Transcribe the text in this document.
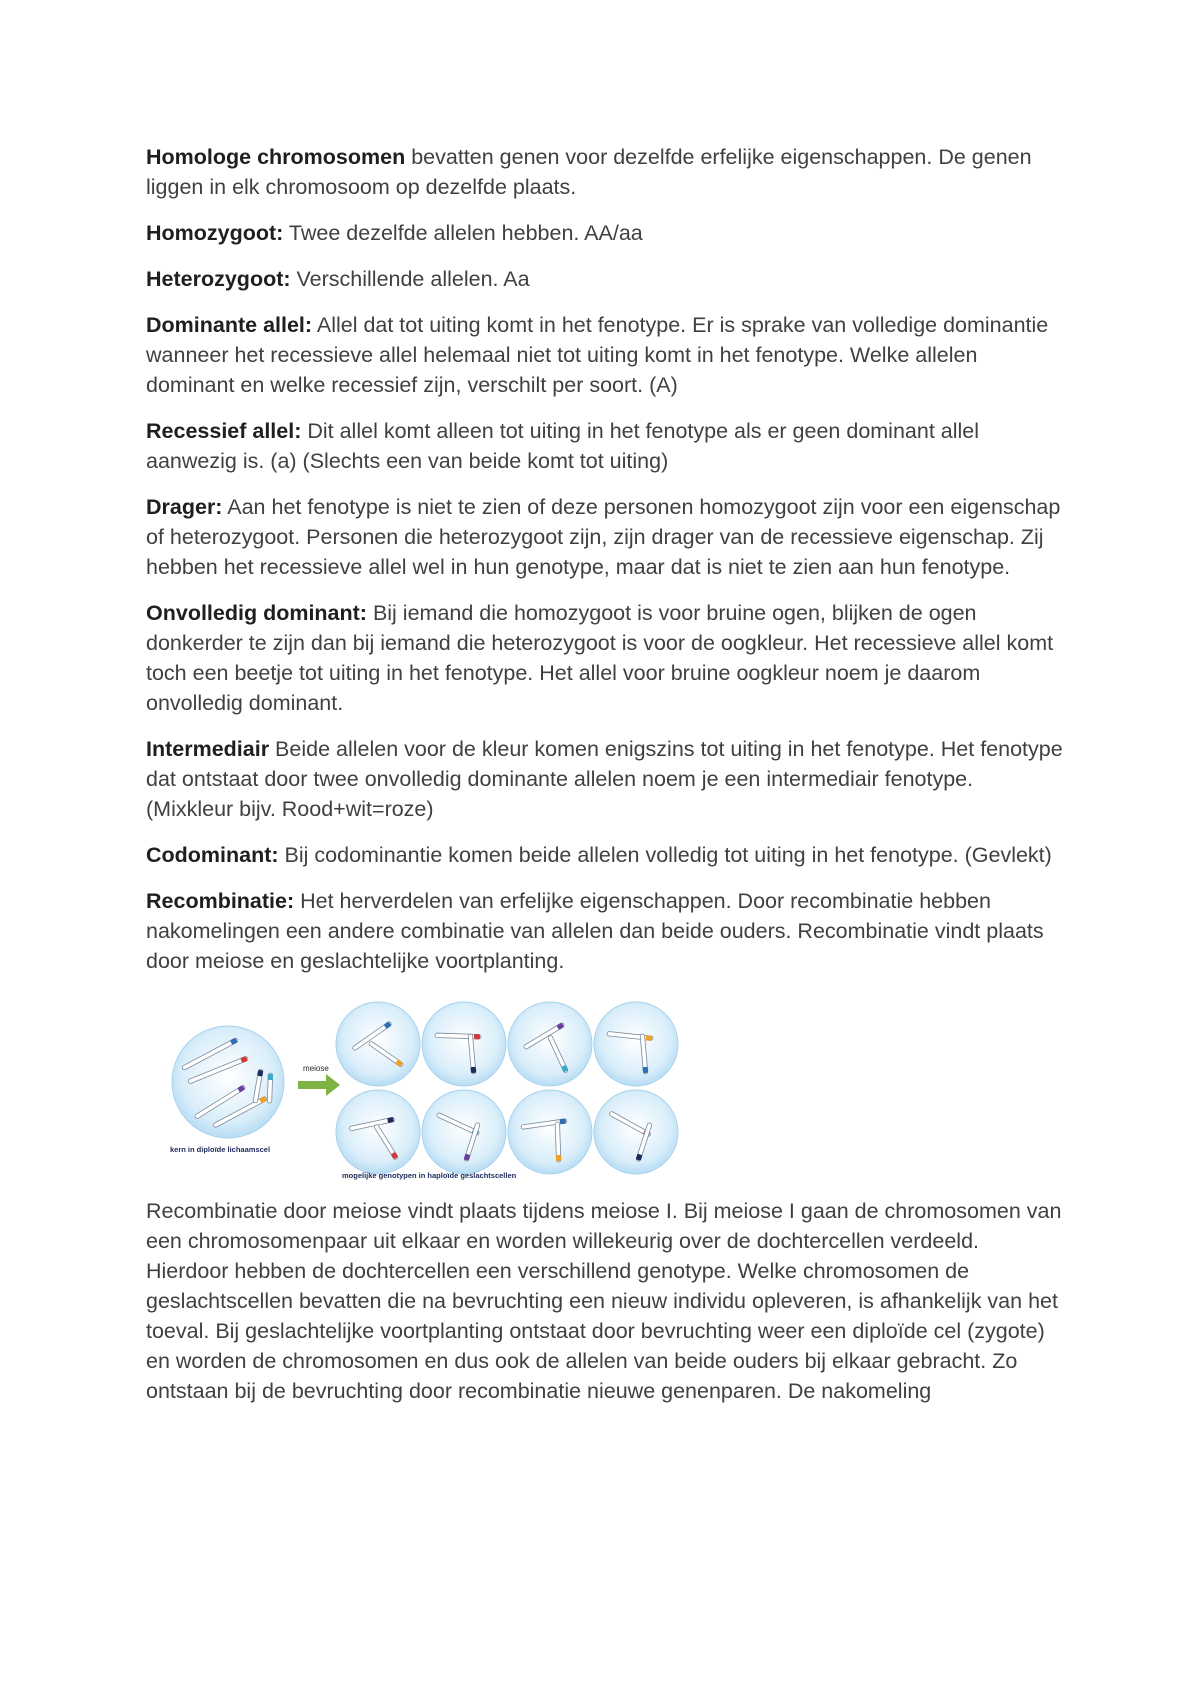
Homologe chromosomen bevatten genen voor dezelfde erfelijke eigenschappen. De genen liggen in elk chromosoom op dezelfde plaats.

Homozygoot: Twee dezelfde allelen hebben. AA/aa

Heterozygoot: Verschillende allelen. Aa

Dominante allel: Allel dat tot uiting komt in het fenotype. Er is sprake van volledige dominantie wanneer het recessieve allel helemaal niet tot uiting komt in het fenotype. Welke allelen dominant en welke recessief zijn, verschilt per soort. (A)

Recessief allel: Dit allel komt alleen tot uiting in het fenotype als er geen dominant allel aanwezig is. (a) (Slechts een van beide komt tot uiting)

Drager: Aan het fenotype is niet te zien of deze personen homozygoot zijn voor een eigenschap of heterozygoot. Personen die heterozygoot zijn, zijn drager van de recessieve eigenschap. Zij hebben het recessieve allel wel in hun genotype, maar dat is niet te zien aan hun fenotype.

Onvolledig dominant: Bij iemand die homozygoot is voor bruine ogen, blijken de ogen donkerder te zijn dan bij iemand die heterozygoot is voor de oogkleur. Het recessieve allel komt toch een beetje tot uiting in het fenotype. Het allel voor bruine oogkleur noem je daarom onvolledig dominant.

Intermediair Beide allelen voor de kleur komen enigszins tot uiting in het fenotype. Het fenotype dat ontstaat door twee onvolledig dominante allelen noem je een intermediair fenotype. (Mixkleur bijv. Rood+wit=roze)

Codominant: Bij codominantie komen beide allelen volledig tot uiting in het fenotype. (Gevlekt)

Recombinatie: Het herverdelen van erfelijke eigenschappen. Door recombinatie hebben nakomelingen een andere combinatie van allelen dan beide ouders. Recombinatie vindt plaats door meiose en geslachtelijke voortplanting.

meiose
kern in diploïde lichaamscel
mogelijke genotypen in haploïde geslachtscellen

Recombinatie door meiose vindt plaats tijdens meiose I. Bij meiose I gaan de chromosomen van een chromosomenpaar uit elkaar en worden willekeurig over de dochtercellen verdeeld. Hierdoor hebben de dochtercellen een verschillend genotype. Welke chromosomen de geslachtscellen bevatten die na bevruchting een nieuw individu opleveren, is afhankelijk van het toeval. Bij geslachtelijke voortplanting ontstaat door bevruchting weer een diploïde cel (zygote) en worden de chromosomen en dus ook de allelen van beide ouders bij elkaar gebracht. Zo ontstaan bij de bevruchting door recombinatie nieuwe genenparen. De nakomeling
